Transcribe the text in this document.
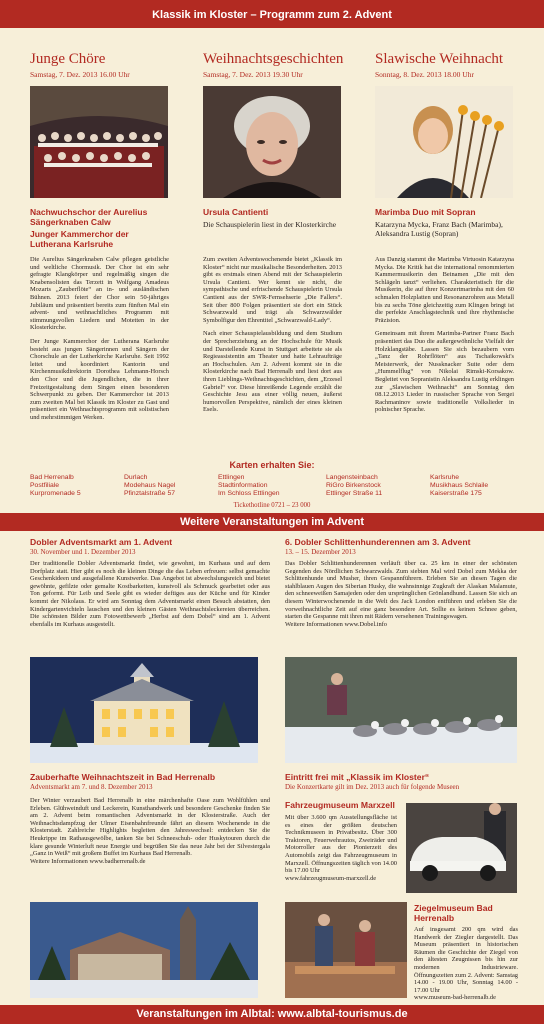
Klassik im Kloster – Programm zum 2. Advent
Junge Chöre
Samstag, 7. Dez. 2013 16.00 Uhr
Nachwuchschor der Aurelius Sängerknaben Calw
Junger Kammerchor der Lutherana Karlsruhe

Die Aurelius Sängerknaben Calw pflegen geistliche und weltliche Chormusik. Der Chor ist ein sehr gefragte Klangkörper und regelmäßig singen die Knabensolisten das Terzett in Wolfgang Amadeus Mozarts „Zauberflöte“ an in- und ausländischen Bühnen. 2013 feiert der Chor sein 50-jähriges Jubiläum und präsentiert bereits zum fünften Mal ein advent- und weihnachtliches Programm mit stimmungsvollen Liedern und Motetten in der Klosterkirche.

Der Junge Kammerchor der Lutherana Karlsruhe besteht aus jungen Sängerinnen und Sängern der Chorschule an der Lutherkirche Karlsruhe. Seit 1992 leitet und koordiniert Kantorin und Kirchenmusikdirektorin Dorothea Lehmann-Horsch den Chor und die Jugendlichen, die in ihrer Freizeitgestaltung dem Singen einen besonderen Schwerpunkt zu geben. Der Kammerchor ist 2013 zum zweiten Mal bei Klassik im Kloster zu Gast und präsentiert ein Weihnachtsprogramm mit solistischen und mehrstimmigen Werken.

Weihnachtsgeschichten
Samstag, 7. Dez. 2013 19.30 Uhr
Ursula Cantienti
Die Schauspielerin liest in der Klosterkirche

Zum zweiten Adventswochenende bietet „Klassik im Kloster“ nicht nur musikalische Besonderheiten. 2013 gibt es erstmals einen Abend mit der Schauspielerin Ursula Cantieni. Wer kennt sie nicht, die sympathische und erfrischende Schauspielerin Ursula Cantieni aus der SWR-Fernsehserie „Die Fallers“. Seit über 800 Folgen präsentiert sie dort ein Stück Schwarzwald und trägt als Schwarzwälder Symbolfigur den Ehrentitel „Schwarzwald-Lady“.

Nach einer Schauspielausbildung und dem Studium der Sprecherziehung an der Hochschule für Musik und Darstellende Kunst in Stuttgart arbeitete sie als Regieassistentin am Theater und hatte Lehraufträge an Hochschulen. Am 2. Advent kommt sie in die Klosterkirche nach Bad Herrenalb und liest dort aus ihren Lieblings-Weihnachtsgeschichten, dem „Erzesel Gabriel“ vor. Diese hinreißende Legende erzählt die Geschichte Jesu aus einer völlig neuen, äußerst humorvollen Perspektive, nämlich der eines kleinen Esels.

Slawische Weihnacht
Sonntag, 8. Dez. 2013 18.00 Uhr
Marimba Duo mit Sopran
Katarzyna Mycka, Franz Bach (Marimba), Aleksandra Lustig (Sopran)

Aus Danzig stammt die Marimba Virtuosin Katarzyna Mycka. Die Kritik hat die international renommierten Kammermusikerin den Beinamen „Die mit den Schlägeln tanzt“ verliehen. Charakteristisch für die Musikerin, die auf ihrer Konzertmarimba mit den 60 schmalen Holzplatten und Resonanzrohren aus Metall bis zu sechs Töne gleichzeitig zum Klingen bringt ist die perfekte Anschlagstechnik und ihre rhythmische Präzision.

Gemeinsam mit ihrem Marimba-Partner Franz Bach präsentiert das Duo die außergewöhnliche Vielfalt der Holzklangstäbe. Lassen Sie sich bezaubern vom „Tanz der Rohrflöten“ aus Tschaikowski's Meisterwerk, der Nussknacker Suite oder dem „Hummelflug“ von Nikolai Rimski-Korsakow. Begleitet von Sopranistin Aleksandra Lustig erklingen zur „Slawischen Weihnacht“ am Sonntag den 08.12.2013 Lieder in russischer Sprache von Sergei Rachmaninov sowie traditionelle Volkslieder in polnischer Sprache.

Karten erhalten Sie:
Bad Herrenalb
Postfiliale
Kurpromenade 5
Durlach
Modehaus Nagel
Pfinztalstraße 57
Ettlingen
Stadtinformation
Im Schloss Ettlingen
Langensteinbach
RiGro Birkenstock
Ettlinger Straße 11
Karlsruhe
Musikhaus Schlaile
Kaiserstraße 175
Tickethotline 0721 – 23 000
Weitere Veranstaltungen im Advent
Dobler Adventsmarkt am 1. Advent
30. November und 1. Dezember 2013
Der traditionelle Dobler Adventsmarkt findet, wie gewohnt, im Kurhaus und auf dem Dorfplatz statt. Hier gibt es noch die kleinen Dinge die das Leben erfreuen: selbst gemachte Geschenkideen und ausgefallene Kunstwerke. Das Angebot ist abwechslungsreich und bietet gewöhnte, gefilzte oder gemalte Kostbarkeiten, kunstvoll als Schmuck gearbeitet oder aus Ton geformt. Für Leib und Seele gibt es wieder deftiges aus der Küche und für Kinder kommt der Nikolaus. Er wird am Sonntag dem Adventsmarkt einen Besuch abstatten, den Kindergartenvichteln lauschen und den kleinen Gästen Weihnachtsleckereien überreichen. Die schönsten Bilder zum Fotowettbewerb „Herbst auf dem Dobel“ sind am 1. Advent ebenfalls im Kurhaus ausgestellt.
Zauberhafte Weihnachtszeit in Bad Herrenalb
Adventsmarkt am 7. und 8. Dezember 2013
Der Winter verzaubert Bad Herrenalb in eine märchenhafte Oase zum Wohlfühlen und Erleben. Glühweinduft und Leckerein, Kunsthandwerk und besondere Geschenke finden Sie am 2. Advent beim romantischen Adventsmarkt in der Klosterstraße. Auch der Weihnachtsdampfzug der Ulmer Eisenbahnfreunde fährt an diesem Wochenende in die Klosterstadt. Zahlreiche Highlights begleiten den Jahreswechsel: entdecken Sie die Heukrippe im Rathausgewölbe, tanken Sie bei Schneeschuh- oder Huskytouren durch die klare gesunde Winterluft neue Energie und begrüßen Sie das neue Jahr bei der Silvestergala „Ganz in Weiß“ mit großem Buffet im Kurhaus Bad Herrenalb.
Weitere Informationen www.badherrenalb.de
6. Dobler Schlittenhunderennen am 3. Advent
13. – 15. Dezember 2013
Das Dobler Schlittenhunderennen verläuft über ca. 25 km in einer der schönsten Gegenden des Nördlichen Schwarzwalds. Zum siebten Mal wird Dobel zum Mekka der Schlittenhunde und Musher, ihren Gespannführern. Erleben Sie an diesen Tagen die stahlblauen Augen des Siberian Husky, die wahnsinnige Zugkraft der Alaskan Malamute, den schneeweißen Samajeden oder den ursprünglichen Grönlandhund. Lassen Sie sich an diesem Winterwochenende in die Welt des Jack London entführen und erleben Sie die vorweihnachtliche Zeit auf eine ganz besondere Art. Sollte es keinen Schnee geben, starten die Gespanne mit ihren mit Rädern versehenen Trainingswagen.
Weitere Informationen www.Dobel.info
Eintritt frei mit „Klassik im Kloster“
Die Konzertkarte gilt im Dez. 2013 auch für folgende Museen
Fahrzeugmuseum Marxzell
Mit über 3.600 qm Ausstellungsfläche ist es eines der größten deutschen Technikmuseen in Privatbesitz. Über 300 Traktoren, Feuerwehrautos, Zweiräder und Motorroller aus der Pionierzeit des Automobils zeigt das Fahrzeugmuseum in Marxzell. Öffnungszeiten täglich von 14.00 bis 17.00 Uhr
www.fahrzeugmuseum-marxzell.de
Ziegelmuseum Bad Herrenalb
Auf insgesamt 200 qm wird das Handwerk der Ziegler dargestellt. Das Museum präsentiert in historischen Räumen die Geschichte der Ziegel von den ältesten Zeugnissen bis hin zur modernen Industrieware. Öffnungszeiten zum 2. Advent: Samstag 14.00 - 19.00 Uhr, Sonntag 14.00 - 17.00 Uhr
www.museum-bad-herrenalb.de
Veranstaltungen im Albtal: www.albtal-tourismus.de
